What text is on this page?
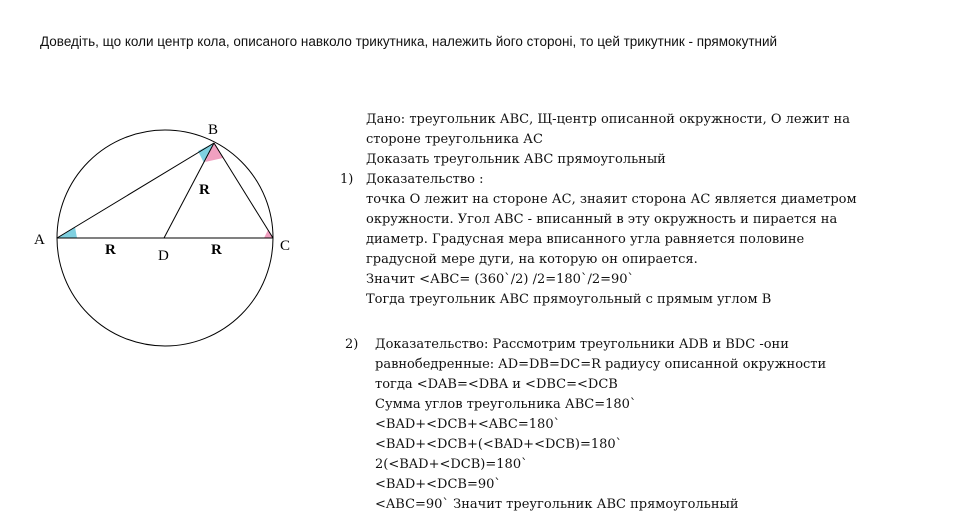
Доведіть, що коли центр кола, описаного навколо трикутника, належить його стороні, то цей трикутник - прямокутний
A
B
C
D
R	R
R
1)
Дано: треугольник АВС, Щ-центр описанной окружности, О лежит на
стороне треугольника АС
Доказать треугольник АВС прямоугольный
Доказательство :
точка О лежит на стороне АС, знаяит сторона АС является диаметром
окружности. Угол АВС - вписанный в эту окружность и пирается на
диаметр. Градусная мера вписанного угла равняется половине
градусной мере дуги, на которую он опирается.
Значит <АВС= (360`/2) /2=180`/2=90`
Тогда треугольник АВС прямоугольный с прямым углом В
2) Доказательство: Рассмотрим треугольники ADB и BDC -они
равнобедренные: AD=DB=DC=R радиусу описанной окружности
тогда <DAB=<DBA и <DBC=<DCB
Сумма углов треугольника АВС=180`
<BAD+<DCB+<ABC=180`
<BAD+<DCB+(<BAD+<DCB)=180`
2(<BAD+<DCB)=180`
<BAD+<DCB=90`
<ABC=90` Значит треугольник АВС прямоугольный
